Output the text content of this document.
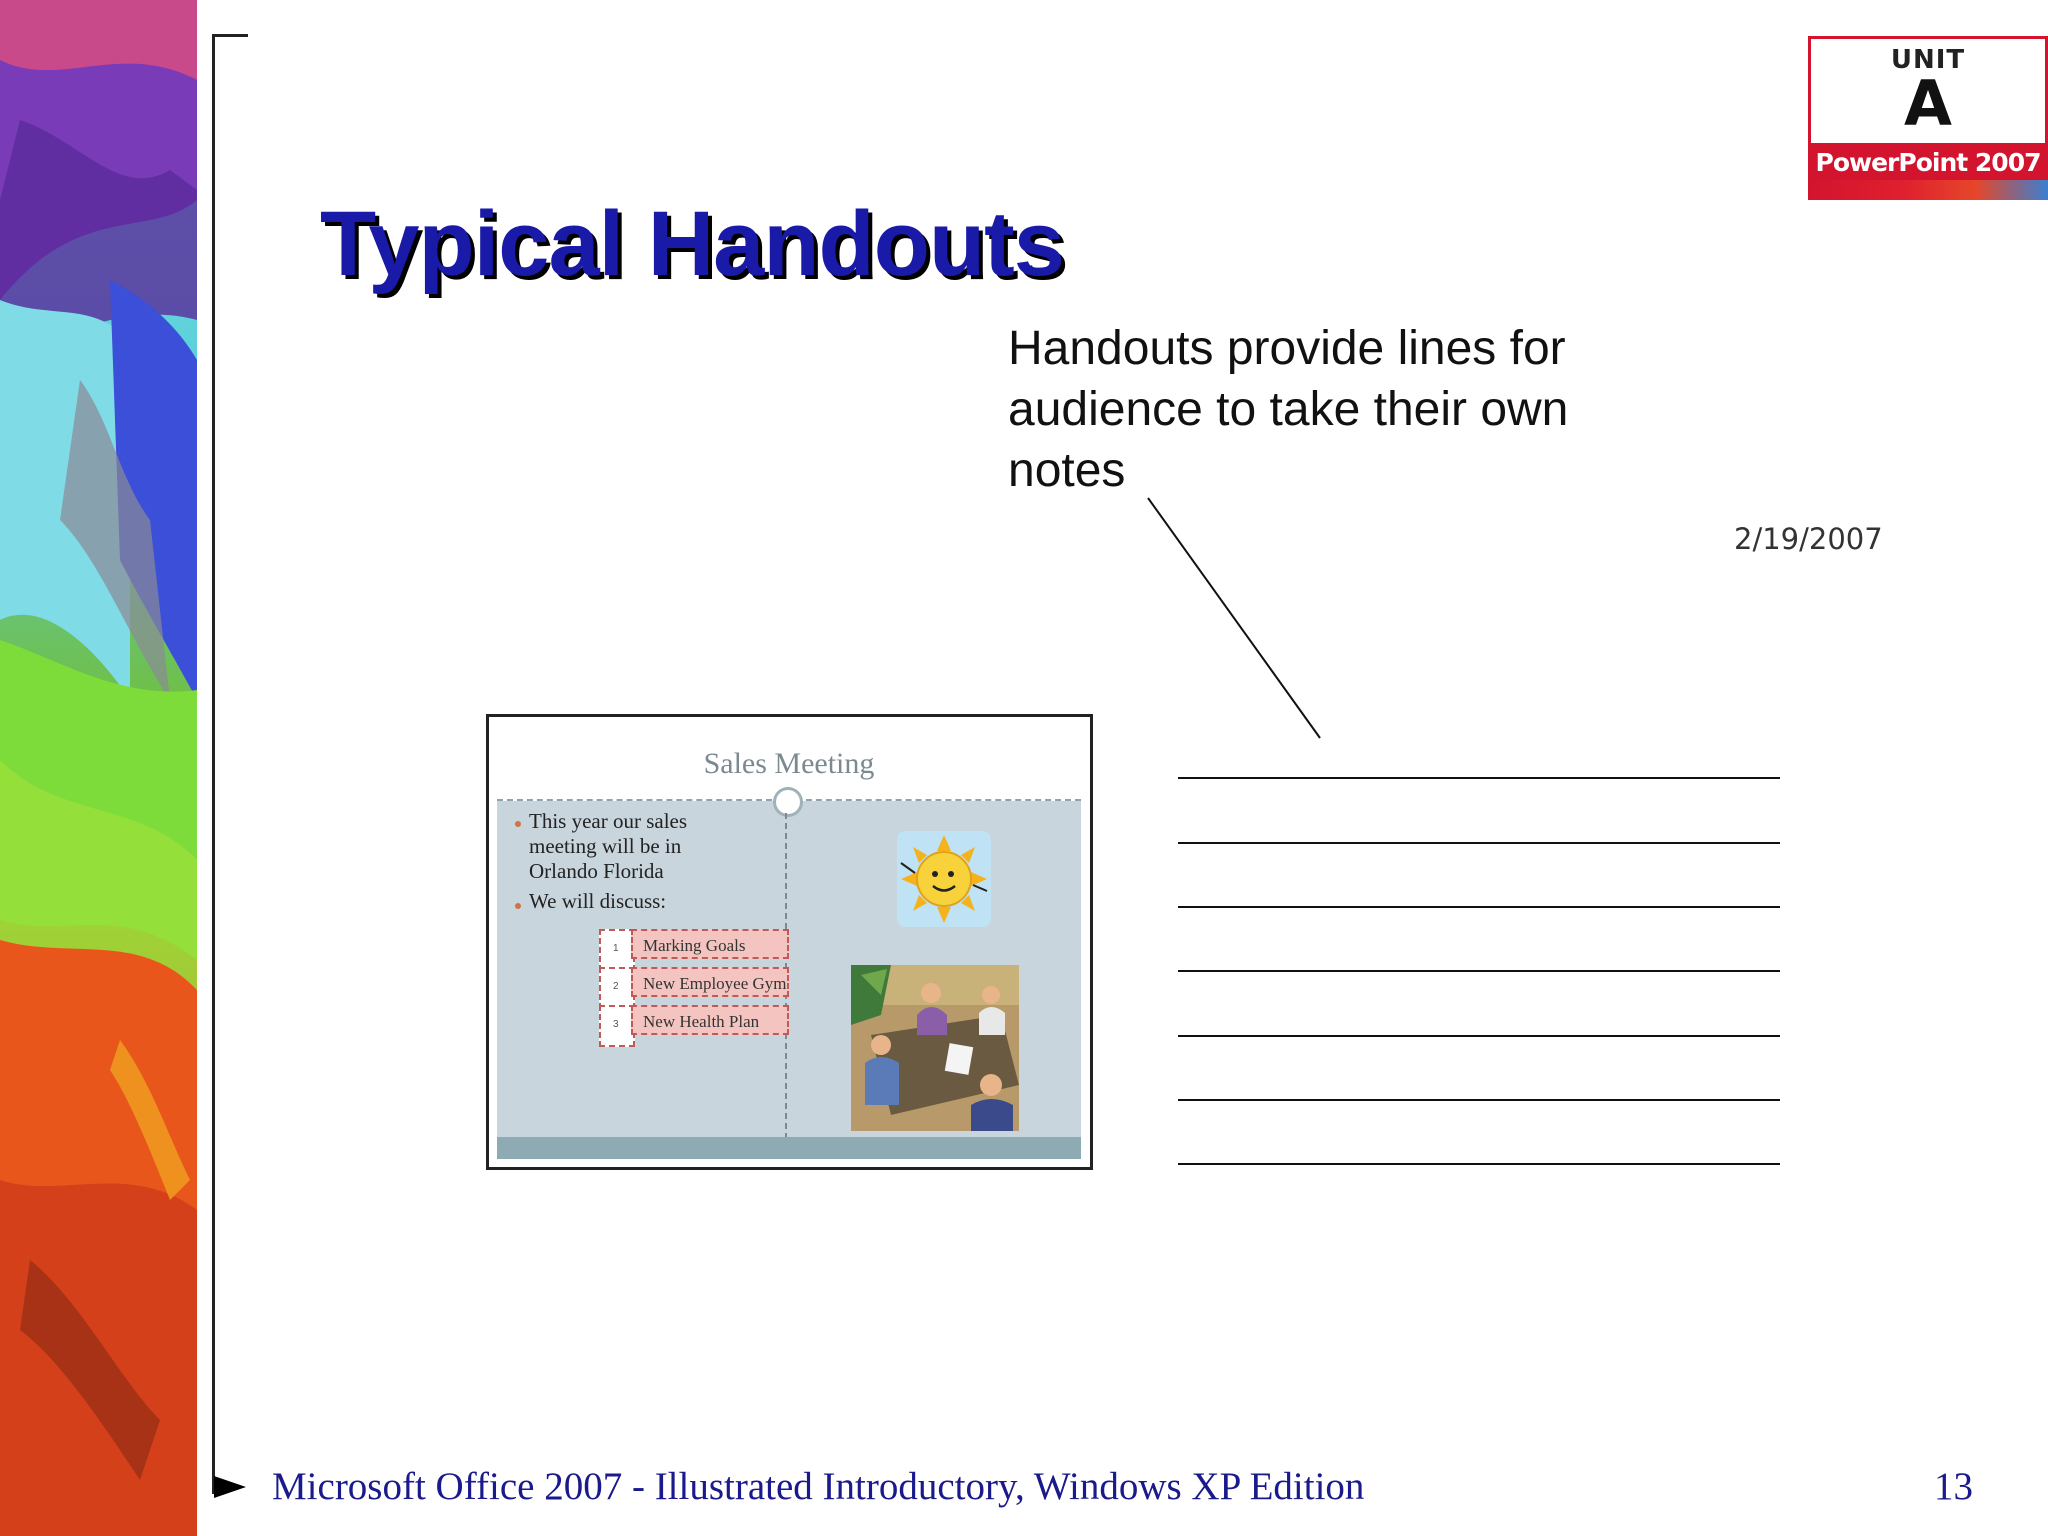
UNIT
A
PowerPoint 2007
Typical Handouts
Handouts provide lines for audience to take their own notes
2/19/2007
Sales Meeting
This year our sales
meeting will be in
Orlando Florida
We will discuss:
1	Marking Goals
2	New Employee Gym
3	New Health Plan
Microsoft Office 2007 - Illustrated Introductory, Windows XP Edition	13
